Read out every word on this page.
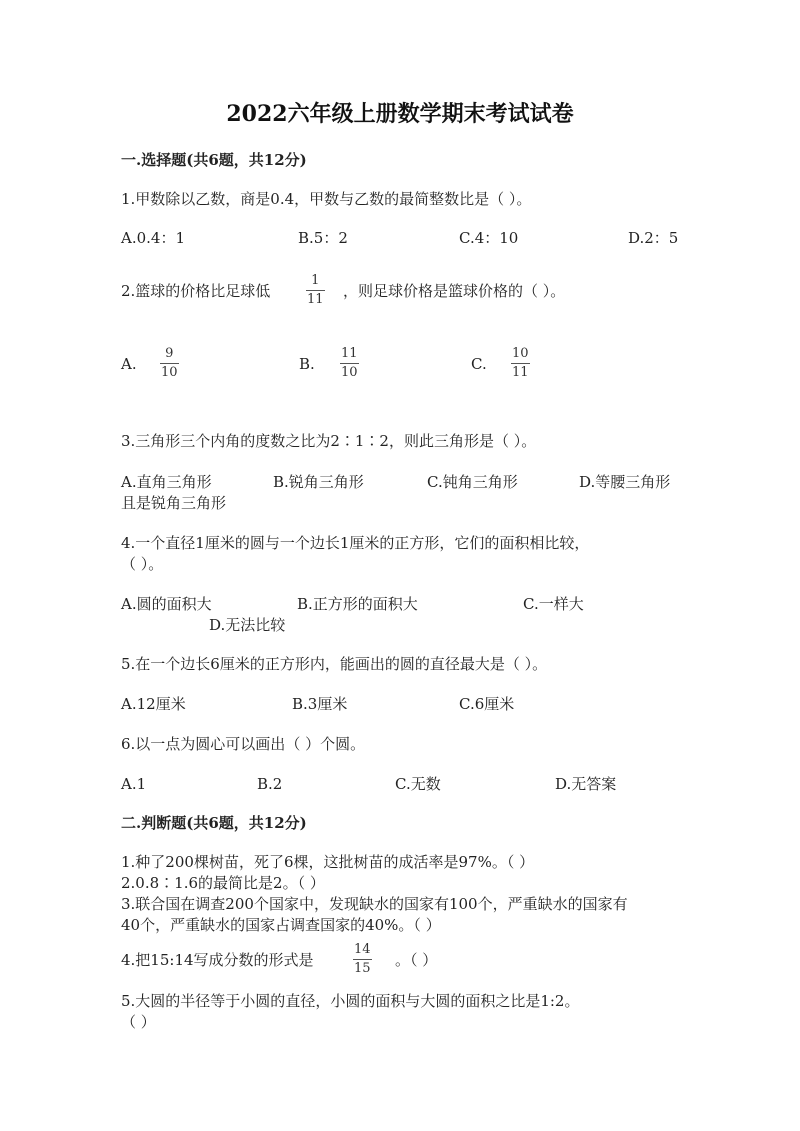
2022六年级上册数学期末考试试卷
一.选择题(共6题，共12分)
1.甲数除以乙数，商是0.4，甲数与乙数的最简整数比是（ ）。
A.0.4：1	B.5：2	C.4：10	D.2：5
2.篮球的价格比足球低
1
11 ，则足球价格是篮球价格的（ ）。
A.
9
10	B.
11
10	C.
10
11
3.三角形三个内角的度数之比为2∶1∶2，则此三角形是（ ）。
A.直角三角形	B.锐角三角形	C.钝角三角形	D.等腰三角形
且是锐角三角形
4.一个直径1厘米的圆与一个边长1厘米的正方形，它们的面积相比较，
（ ）。
A.圆的面积大	B.正方形的面积大	C.一样大
D.无法比较
5.在一个边长6厘米的正方形内，能画出的圆的直径最大是（ ）。
A.12厘米	B.3厘米	C.6厘米
6.以一点为圆心可以画出（ ）个圆。
A.1	B.2	C.无数	D.无答案
二.判断题(共6题，共12分)
1.种了200棵树苗，死了6棵，这批树苗的成活率是97%。（ ）
2.0.8∶1.6的最简比是2。（ ）
3.联合国在调查200个国家中，发现缺水的国家有100个，严重缺水的国家有
40个，严重缺水的国家占调查国家的40%。（ ）
4.把15:14写成分数的形式是
14
15 。（ ）
5.大圆的半径等于小圆的直径，小圆的面积与大圆的面积之比是1:2。
（ ）
